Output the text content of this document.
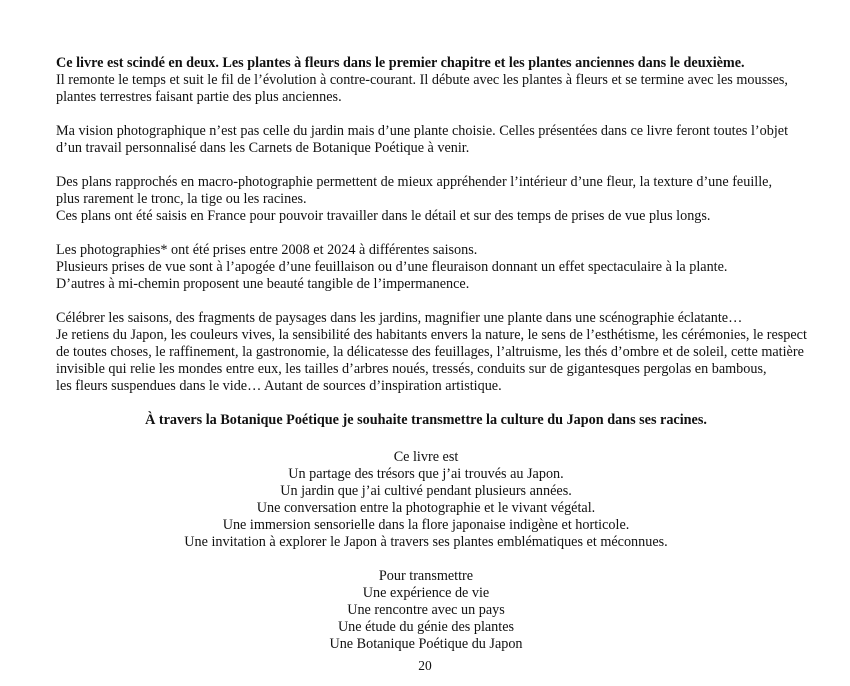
Ce livre est scindé en deux. Les plantes à fleurs dans le premier chapitre et les plantes anciennes dans le deuxième.
Il remonte le temps et suit le fil de l’évolution à contre-courant. Il débute avec les plantes à fleurs et se termine avec les mousses,
plantes terrestres faisant partie des plus anciennes.
Ma vision photographique n’est pas celle du jardin mais d’une plante choisie. Celles présentées dans ce livre feront toutes l’objet
d’un travail personnalisé dans les Carnets de Botanique Poétique à venir.
Des plans rapprochés en macro-photographie permettent de mieux appréhender l’intérieur d’une fleur, la texture d’une feuille,
plus rarement le tronc, la tige ou les racines.
Ces plans ont été saisis en France pour pouvoir travailler dans le détail et sur des temps de prises de vue plus longs.
Les photographies* ont été prises entre 2008 et 2024 à différentes saisons.
Plusieurs prises de vue sont à l’apogée d’une feuillaison ou d’une fleuraison donnant un effet spectaculaire à la plante.
D’autres à mi-chemin proposent une beauté tangible de l’impermanence.
Célébrer les saisons, des fragments de paysages dans les jardins, magnifier une plante dans une scénographie éclatante…
Je retiens du Japon, les couleurs vives, la sensibilité des habitants envers la nature, le sens de l’esthétisme, les cérémonies, le respect
de toutes choses, le raffinement, la gastronomie, la délicatesse des feuillages, l’altruisme, les thés d’ombre et de soleil, cette matière
invisible qui relie les mondes entre eux, les tailles d’arbres noués, tressés, conduits sur de gigantesques pergolas en bambous,
les fleurs suspendues dans le vide… Autant de sources d’inspiration artistique.
À travers la Botanique Poétique je souhaite transmettre la culture du Japon dans ses racines.
Ce livre est
Un partage des trésors que j’ai trouvés au Japon.
Un jardin que j’ai cultivé pendant plusieurs années.
Une conversation entre la photographie et le vivant végétal.
Une immersion sensorielle dans la flore japonaise indigène et horticole.
Une invitation à explorer le Japon à travers ses plantes emblématiques et méconnues.
Pour transmettre
Une expérience de vie
Une rencontre avec un pays
Une étude du génie des plantes
Une Botanique Poétique du Japon
20
